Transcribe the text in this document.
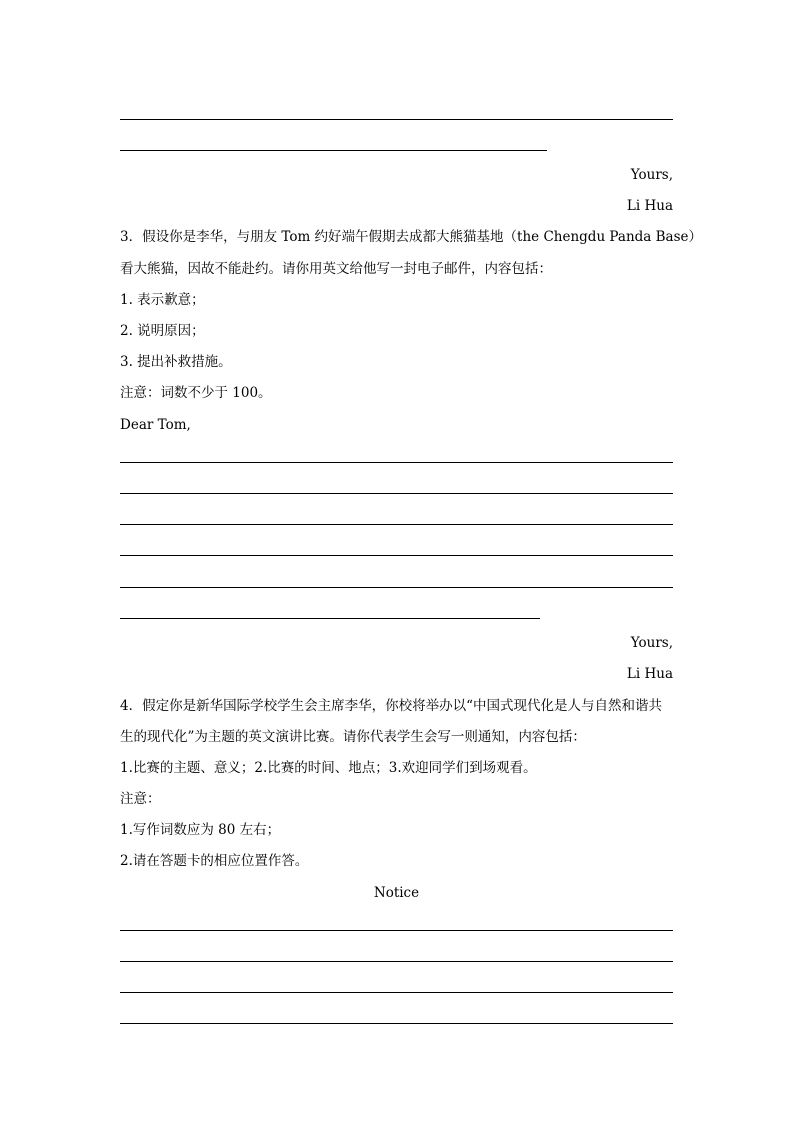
Yours,
Li Hua
3．假设你是李华，与朋友 Tom 约好端午假期去成都大熊猫基地（the Chengdu Panda Base）
看大熊猫，因故不能赴约。请你用英文给他写一封电子邮件，内容包括：
1. 表示歉意；
2. 说明原因；
3. 提出补救措施。
注意：词数不少于 100。
Dear Tom,
Yours,
Li Hua
4．假定你是新华国际学校学生会主席李华，你校将举办以“中国式现代化是人与自然和谐共
生的现代化”为主题的英文演讲比赛。请你代表学生会写一则通知，内容包括：
1.比赛的主题、意义；2.比赛的时间、地点；3.欢迎同学们到场观看。
注意：
1.写作词数应为 80 左右；
2.请在答题卡的相应位置作答。
Notice
